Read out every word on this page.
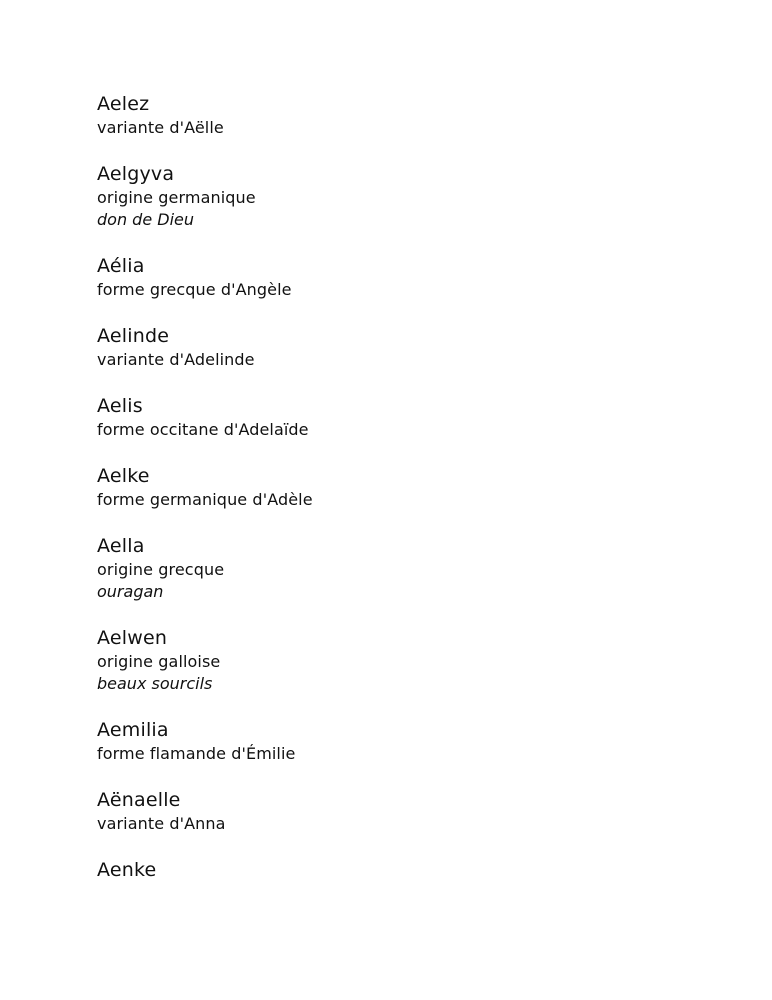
Aelez
variante d'Aëlle
Aelgyva
origine germanique
don de Dieu
Aélia
forme grecque d'Angèle
Aelinde
variante d'Adelinde
Aelis
forme occitane d'Adelaïde
Aelke
forme germanique d'Adèle
Aella
origine grecque
ouragan
Aelwen
origine galloise
beaux sourcils
Aemilia
forme flamande d'Émilie
Aënaelle
variante d'Anna
Aenke
